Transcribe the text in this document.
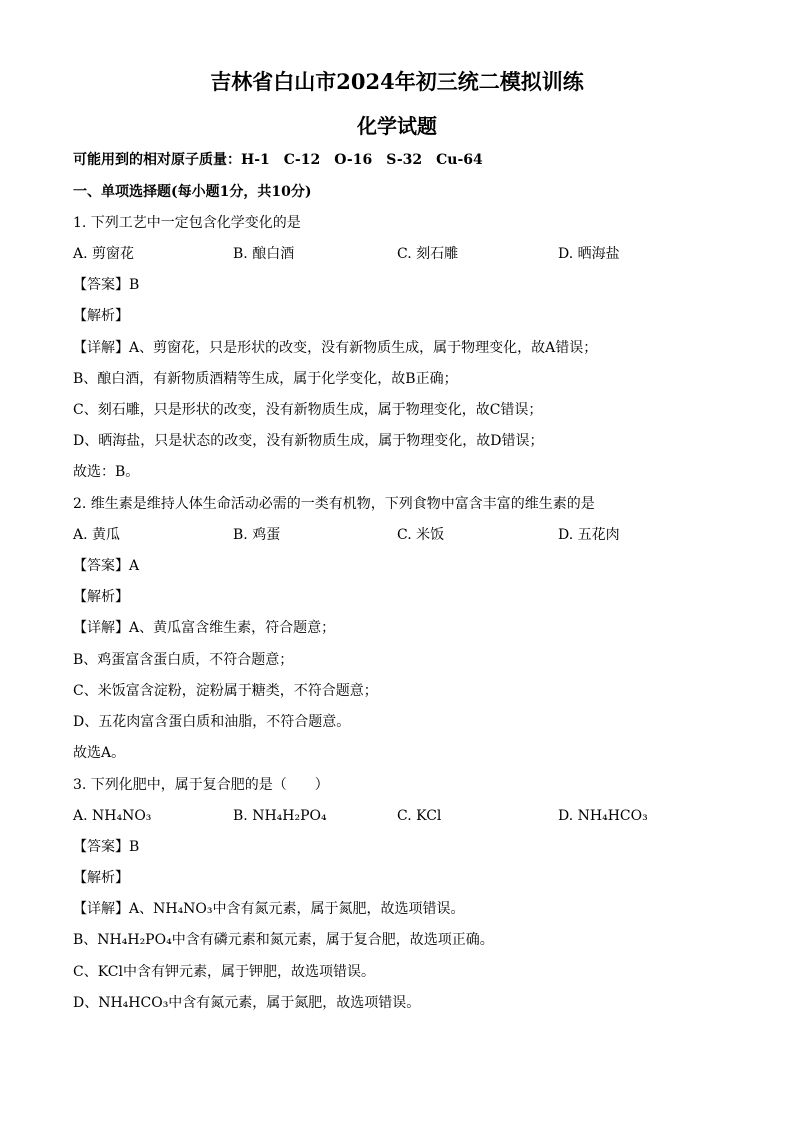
吉林省白山市2024年初三统二模拟训练
化学试题
可能用到的相对原子质量：H-1　C-12　O-16　S-32　Cu-64
一、单项选择题(每小题1分，共10分)
1. 下列工艺中一定包含化学变化的是
A. 剪窗花	B. 酿白酒	C. 刻石雕	D. 晒海盐
【答案】B
【解析】
【详解】A、剪窗花，只是形状的改变，没有新物质生成，属于物理变化，故A错误；
B、酿白酒，有新物质酒精等生成，属于化学变化，故B正确；
C、刻石雕，只是形状的改变，没有新物质生成，属于物理变化，故C错误；
D、晒海盐，只是状态的改变，没有新物质生成，属于物理变化，故D错误；
故选：B。
2. 维生素是维持人体生命活动必需的一类有机物，下列食物中富含丰富的维生素的是
A. 黄瓜	B. 鸡蛋	C. 米饭	D. 五花肉
【答案】A
【解析】
【详解】A、黄瓜富含维生素，符合题意；
B、鸡蛋富含蛋白质，不符合题意；
C、米饭富含淀粉，淀粉属于糖类，不符合题意；
D、五花肉富含蛋白质和油脂，不符合题意。
故选A。
3. 下列化肥中，属于复合肥的是（　　）
A. NH₄NO₃	B. NH₄H₂PO₄	C. KCl	D. NH₄HCO₃
【答案】B
【解析】
【详解】A、NH₄NO₃中含有氮元素，属于氮肥，故选项错误。
B、NH₄H₂PO₄中含有磷元素和氮元素，属于复合肥，故选项正确。
C、KCl中含有钾元素，属于钾肥，故选项错误。
D、NH₄HCO₃中含有氮元素，属于氮肥，故选项错误。
